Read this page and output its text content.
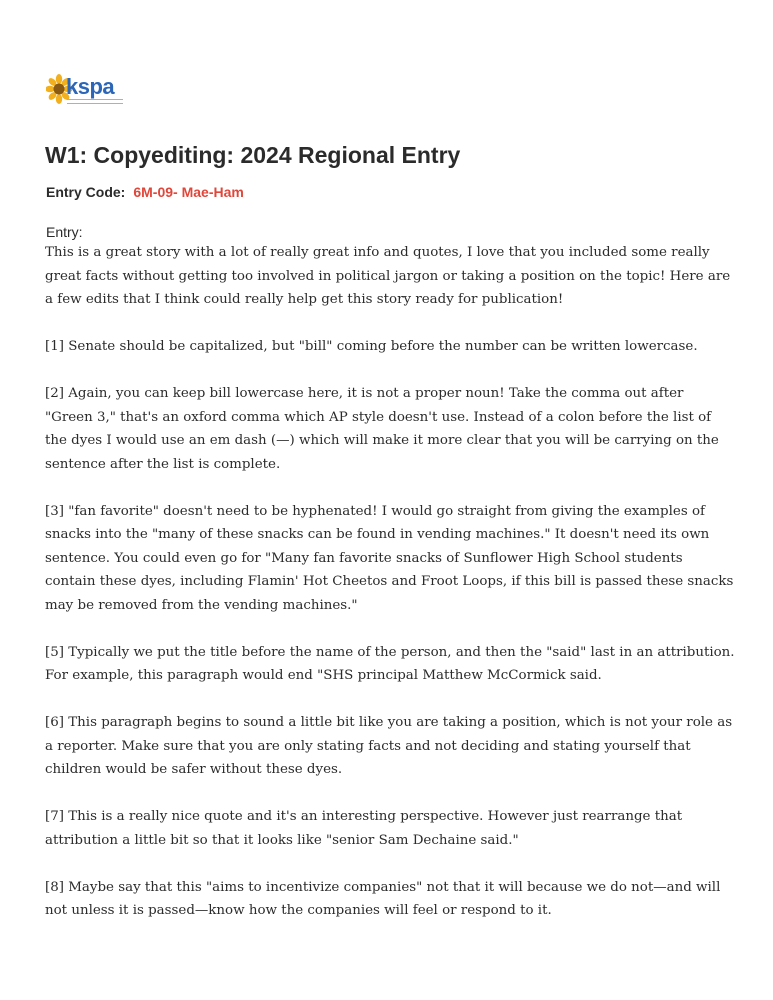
kspa
W1: Copyediting: 2024 Regional Entry
Entry Code: 6M-09- Mae-Ham
Entry:

This is a great story with a lot of really great info and quotes, I love that you included some really great facts without getting too involved in political jargon or taking a position on the topic! Here are a few edits that I think could really help get this story ready for publication!

[1] Senate should be capitalized, but "bill" coming before the number can be written lowercase.

[2] Again, you can keep bill lowercase here, it is not a proper noun! Take the comma out after "Green 3," that's an oxford comma which AP style doesn't use. Instead of a colon before the list of the dyes I would use an em dash (—) which will make it more clear that you will be carrying on the sentence after the list is complete.

[3] "fan favorite" doesn't need to be hyphenated! I would go straight from giving the examples of snacks into the "many of these snacks can be found in vending machines." It doesn't need its own sentence. You could even go for "Many fan favorite snacks of Sunflower High School students contain these dyes, including Flamin' Hot Cheetos and Froot Loops, if this bill is passed these snacks may be removed from the vending machines."

[5] Typically we put the title before the name of the person, and then the "said" last in an attribution. For example, this paragraph would end "SHS principal Matthew McCormick said.

[6] This paragraph begins to sound a little bit like you are taking a position, which is not your role as a reporter. Make sure that you are only stating facts and not deciding and stating yourself that children would be safer without these dyes.

[7] This is a really nice quote and it's an interesting perspective. However just rearrange that attribution a little bit so that it looks like "senior Sam Dechaine said."

[8] Maybe say that this "aims to incentivize companies" not that it will because we do not—and will not unless it is passed—know how the companies will feel or respond to it.
